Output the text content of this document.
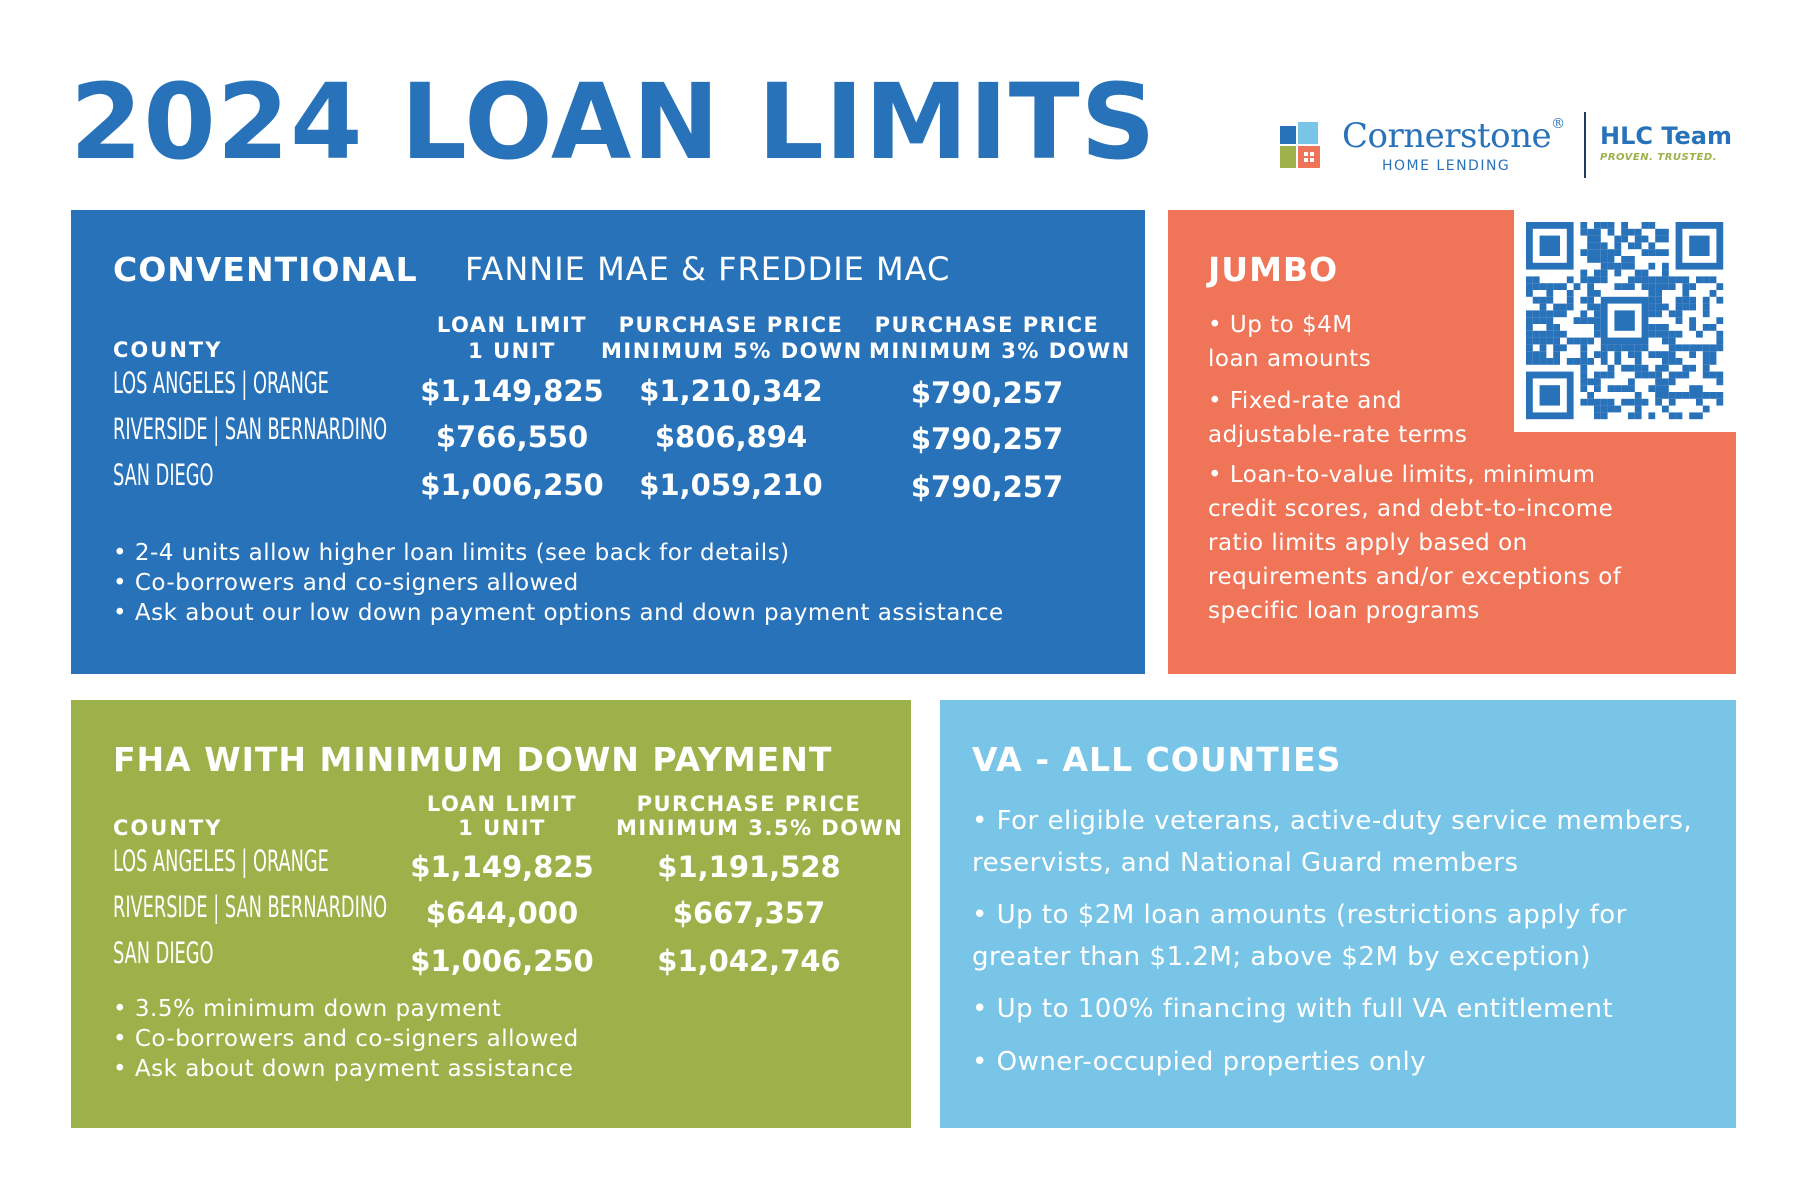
2024 LOAN LIMITS	Cornerstone®
HOME LENDING
HLC Team
PROVEN. TRUSTED.
CONVENTIONAL FANNIE MAE & FREDDIE MAC
COUNTY
LOAN LIMIT
1 UNIT
PURCHASE PRICE
MINIMUM 5% DOWN
PURCHASE PRICE
MINIMUM 3% DOWN
LOS ANGELES | ORANGE	$1,149,825 $1,210,342	$790,257
RIVERSIDE | SAN BERNARDINO	$766,550	$806,894	$790,257
SAN DIEGO	$1,006,250 $1,059,210	$790,257
• 2-4 units allow higher loan limits (see back for details)
• Co-borrowers and co-signers allowed
• Ask about our low down payment options and down payment assistance
JUMBO
• Up to $4M
loan amounts
• Fixed-rate and
adjustable-rate terms
• Loan-to-value limits, minimum
credit scores, and debt-to-income
ratio limits apply based on
requirements and/or exceptions of
specific loan programs
FHA WITH MINIMUM DOWN PAYMENT
COUNTY
LOAN LIMIT
1 UNIT
PURCHASE PRICE
MINIMUM 3.5% DOWN
LOS ANGELES | ORANGE	$1,149,825	$1,191,528
RIVERSIDE | SAN BERNARDINO	$644,000	$667,357
SAN DIEGO	$1,006,250	$1,042,746
• 3.5% minimum down payment
• Co-borrowers and co-signers allowed
• Ask about down payment assistance
VA - ALL COUNTIES
• For eligible veterans, active-duty service members,
reservists, and National Guard members
• Up to $2M loan amounts (restrictions apply for
greater than $1.2M; above $2M by exception)
• Up to 100% financing with full VA entitlement
• Owner-occupied properties only
